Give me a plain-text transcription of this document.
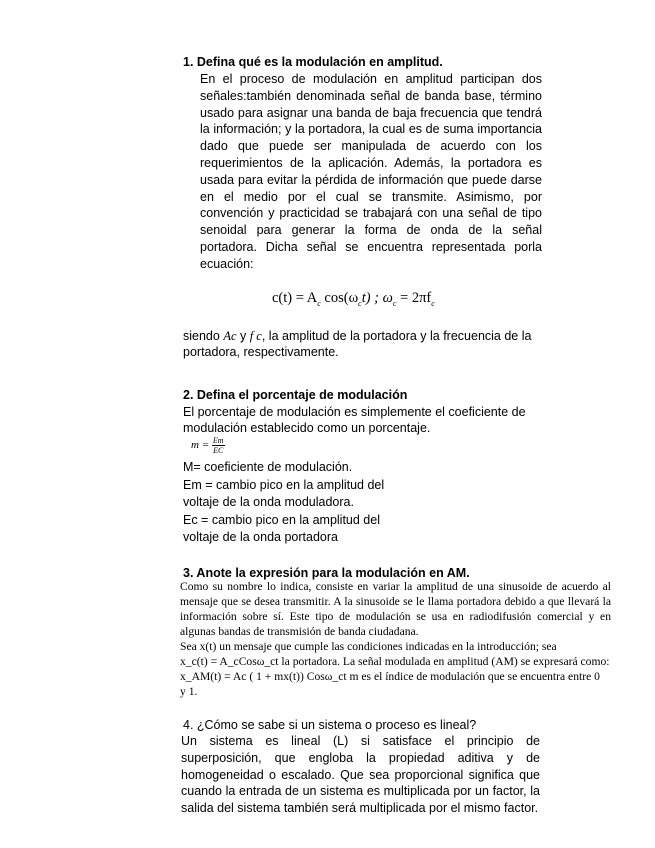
1. Defina qué es la modulación en amplitud.
En el proceso de modulación en amplitud participan dos señales:también denominada señal de banda base, término usado para asignar una banda de baja frecuencia que tendrá la información; y la portadora, la cual es de suma importancia dado que puede ser manipulada de acuerdo con los requerimientos de la aplicación. Además, la portadora es usada para evitar la pérdida de información que puede darse en el medio por el cual se transmite. Asimismo, por convención y practicidad se trabajará con una señal de tipo senoidal para generar la forma de onda de la señal portadora. Dicha señal se encuentra representada porla ecuación:
$c(t) = A_c$ $\cos(\omega_ct)$ ; $\omega_c = 2\pi f_c$
siendo Ac y f c, la amplitud de la portadora y la frecuencia de la
portadora, respectivamente.
2. Defina el porcentaje de modulación
El porcentaje de modulación es simplemente el coeficiente de
modulación establecido como un porcentaje.
$m = \frac{Em}{EC}$
M= coeficiente de modulación.
Em = cambio pico en la amplitud del
voltaje de la onda moduladora.
Ec = cambio pico en la amplitud del
voltaje de la onda portadora
3. Anote la expresión para la modulación en AM.
Como su nombre lo indica, consiste en variar la amplitud de una sinusoide de acuerdo al mensaje que se desea transmitir. A la sinusoide se le llama portadora debido a que llevará la información sobre sí. Este tipo de modulación se usa en radiodifusión comercial y en algunas bandas de transmisión de banda ciudadana.
Sea x(t) un mensaje que cumple las condiciones indicadas en la introducción; sea
x_c(t) = A_cCosω_ct la portadora. La señal modulada en amplitud (AM) se expresará como:
x_AM(t) = Ac ( 1 + mx(t)) Cosω_ct m es el índice de modulación que se encuentra entre 0
y 1.
4. ¿Cómo se sabe si un sistema o proceso es lineal?
Un sistema es lineal (L) si satisface el principio de superposición, que engloba la propiedad aditiva y de homogeneidad o escalado. Que sea proporcional significa que cuando la entrada de un sistema es multiplicada por un factor, la salida del sistema también será multiplicada por el mismo factor.
